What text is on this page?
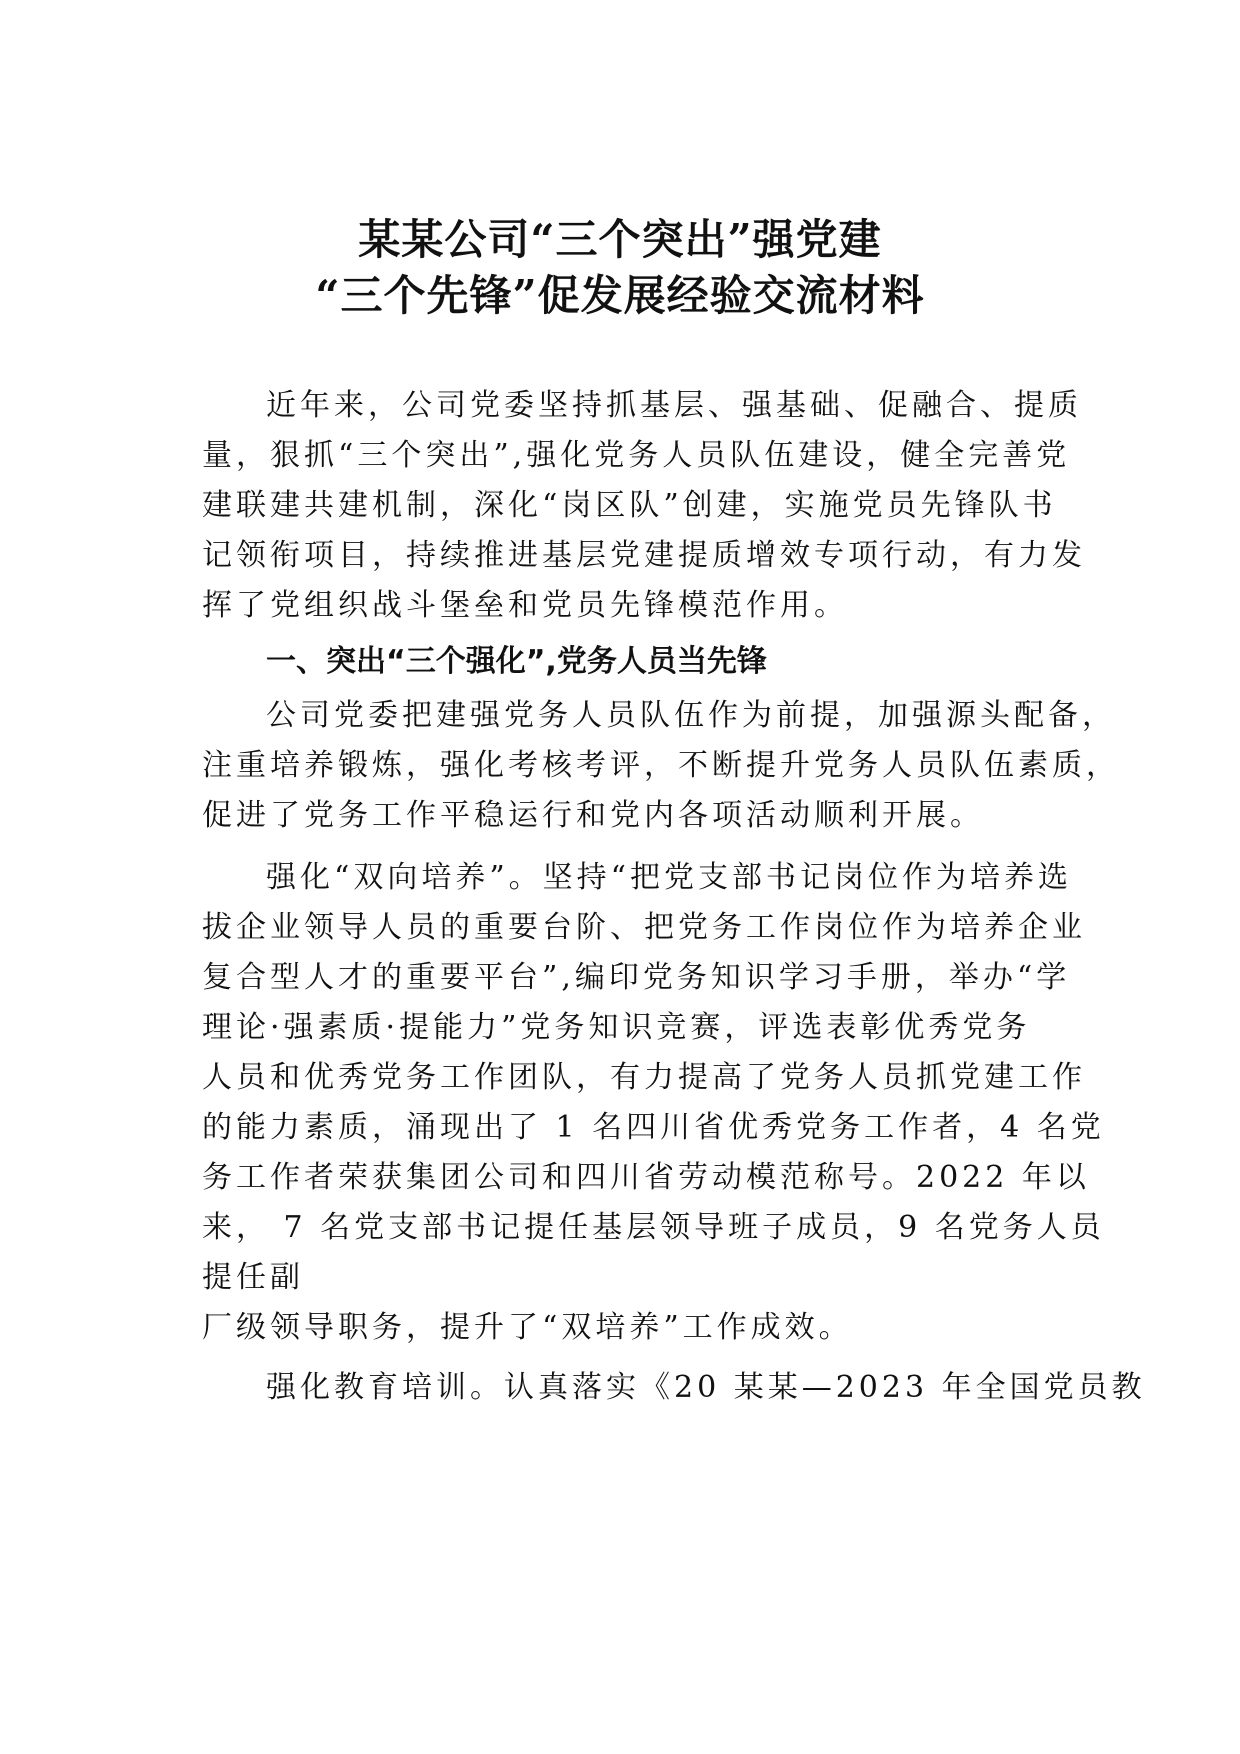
某某公司“三个突出”强党建
“三个先锋”促发展经验交流材料
近年来，公司党委坚持抓基层、强基础、促融合、提质
量，狠抓“三个突出”,强化党务人员队伍建设，健全完善党
建联建共建机制，深化“岗区队”创建，实施党员先锋队书
记领衔项目，持续推进基层党建提质增效专项行动，有力发
挥了党组织战斗堡垒和党员先锋模范作用。
一、突出“三个强化”,党务人员当先锋
公司党委把建强党务人员队伍作为前提，加强源头配备，
注重培养锻炼，强化考核考评，不断提升党务人员队伍素质，
促进了党务工作平稳运行和党内各项活动顺利开展。
强化“双向培养”。坚持“把党支部书记岗位作为培养选
拔企业领导人员的重要台阶、把党务工作岗位作为培养企业
复合型人才的重要平台”,编印党务知识学习手册，举办“学
理论·强素质·提能力”党务知识竞赛，评选表彰优秀党务
人员和优秀党务工作团队，有力提高了党务人员抓党建工作
的能力素质，涌现出了 1 名四川省优秀党务工作者，4 名党
务工作者荣获集团公司和四川省劳动模范称号。2022 年以
来， 7 名党支部书记提任基层领导班子成员，9 名党务人员
提任副
厂级领导职务，提升了“双培养”工作成效。
强化教育培训。认真落实《20 某某—2023 年全国党员教
